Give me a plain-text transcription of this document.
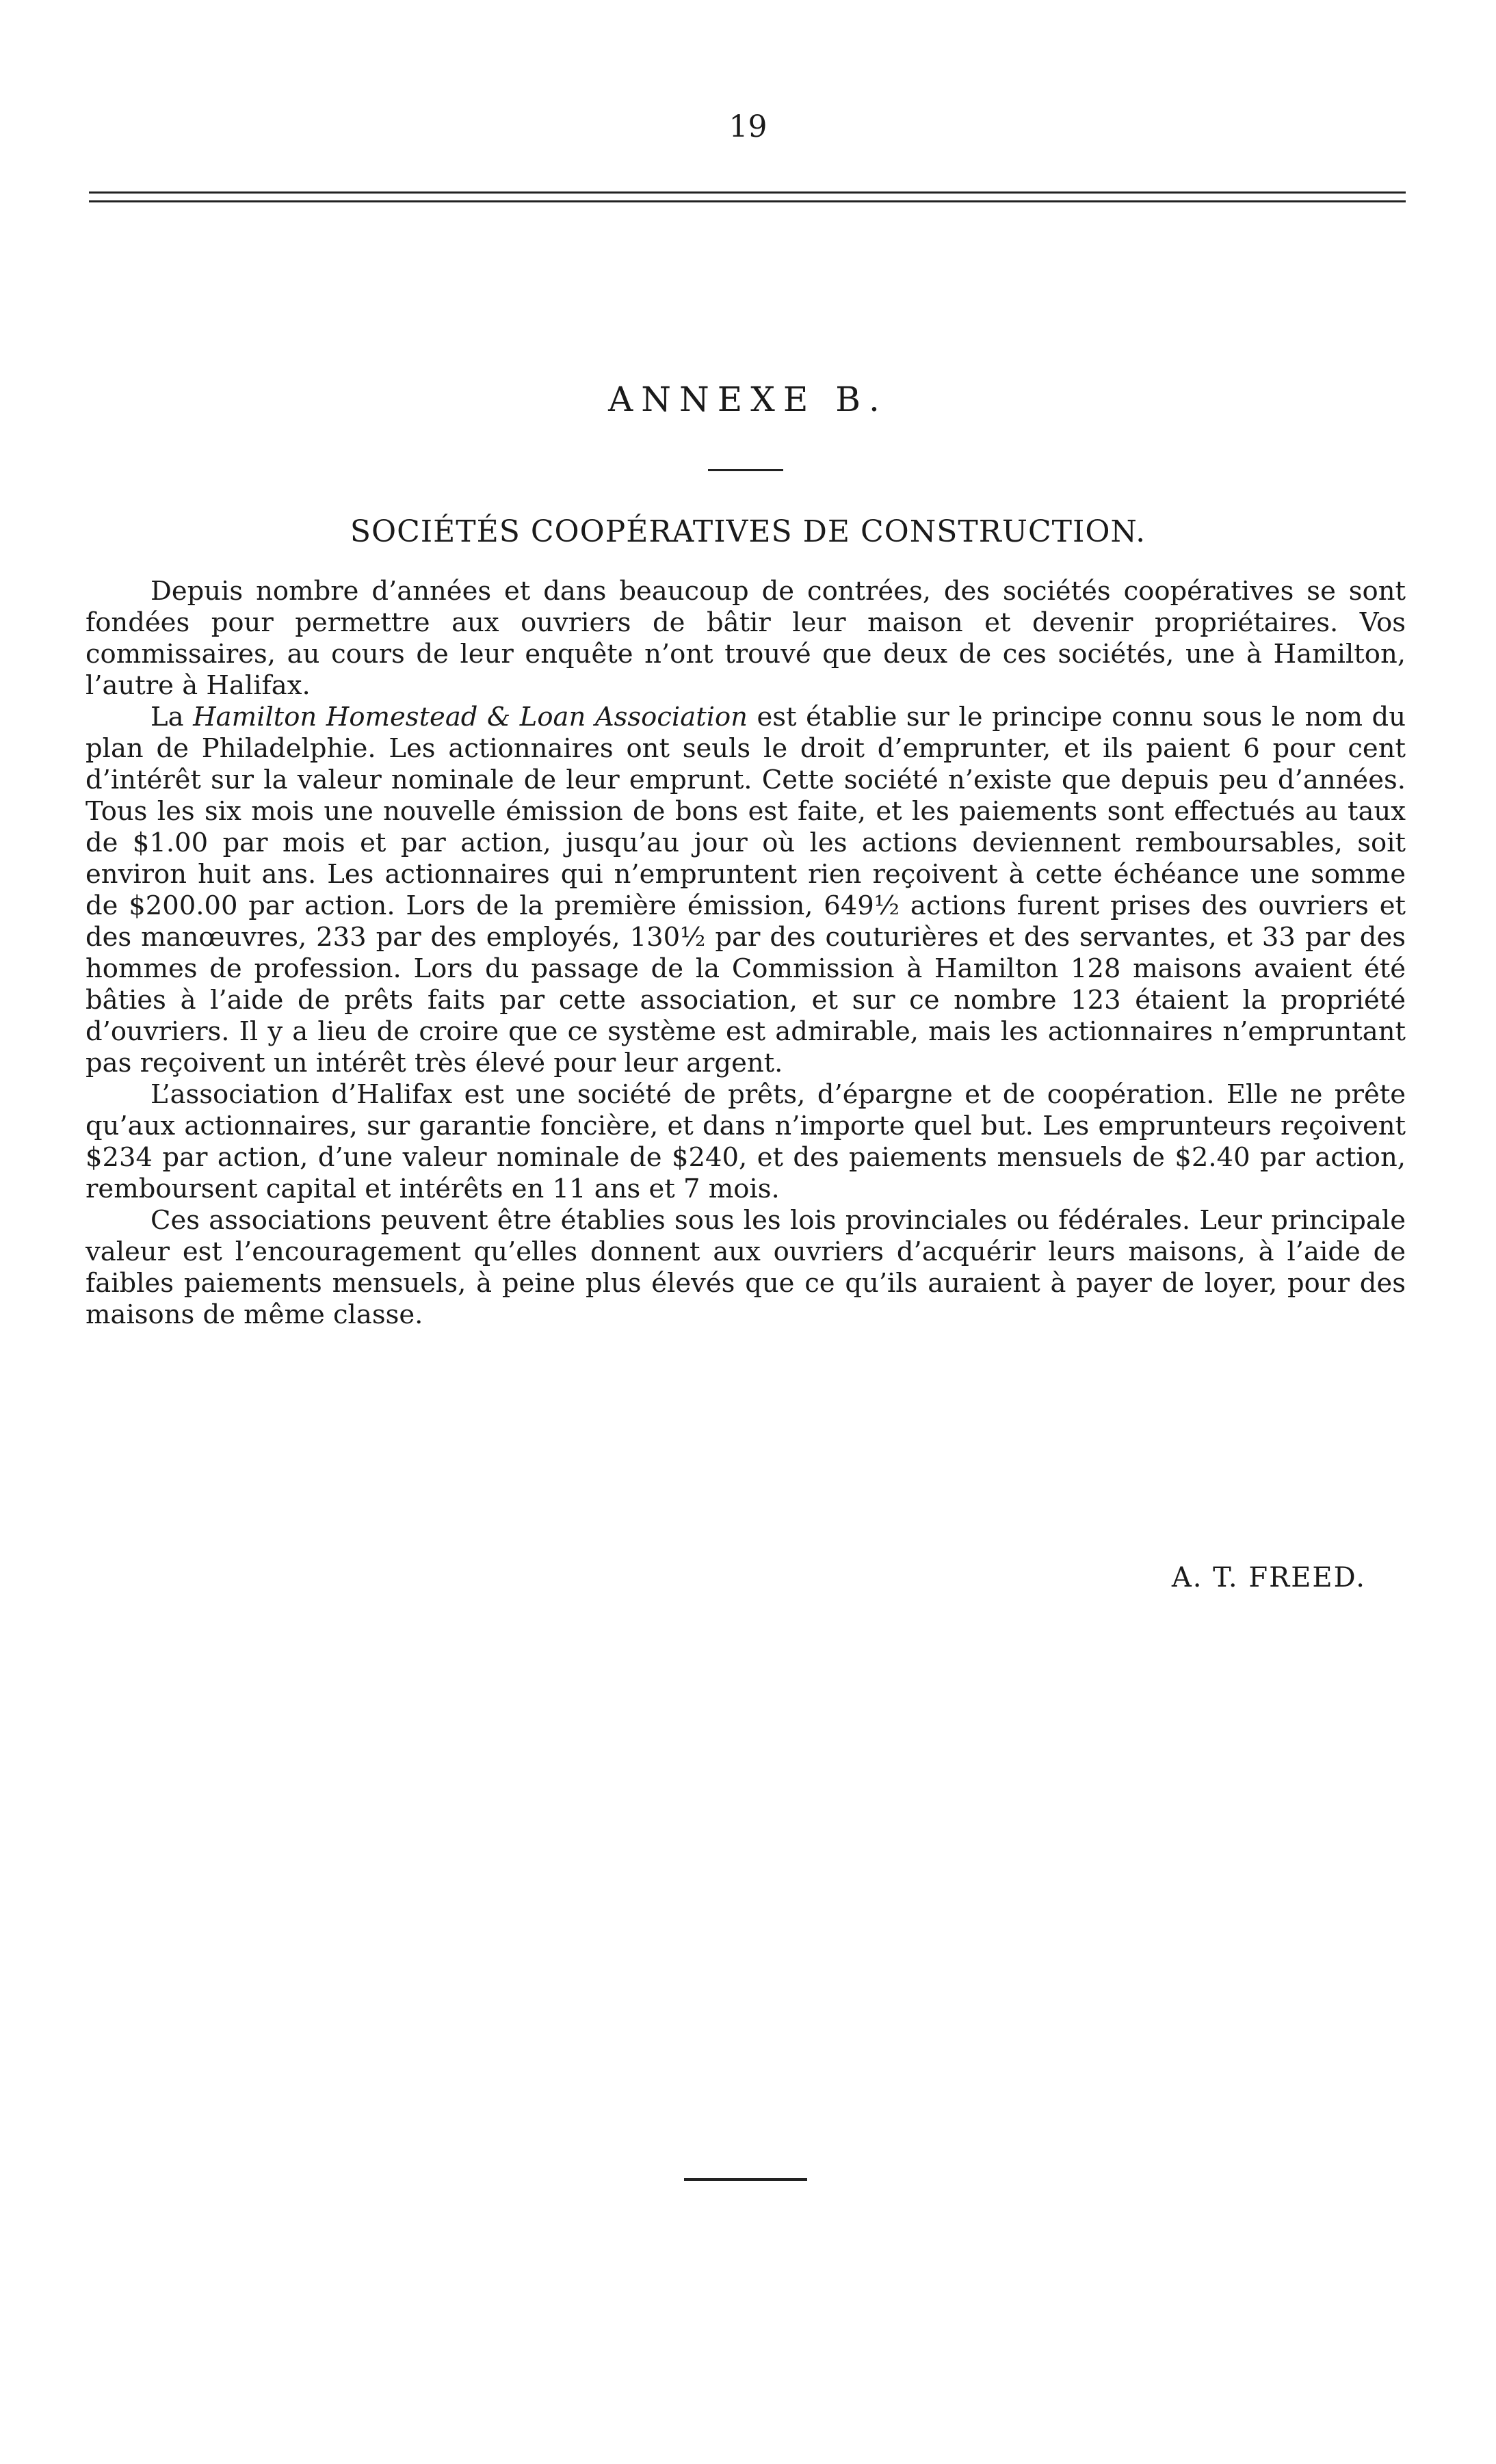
19
ANNEXE B.
SOCIÉTÉS COOPÉRATIVES DE CONSTRUCTION.

Depuis nombre d’années et dans beaucoup de contrées, des sociétés coopératives se sont fondées pour permettre aux ouvriers de bâtir leur maison et devenir propriétaires. Vos commissaires, au cours de leur enquête n’ont trouvé que deux de ces sociétés, une à Hamilton, l’autre à Halifax.

La Hamilton Homestead & Loan Association est établie sur le principe connu sous le nom du plan de Philadelphie. Les actionnaires ont seuls le droit d’emprunter, et ils paient 6 pour cent d’intérêt sur la valeur nominale de leur emprunt. Cette société n’existe que depuis peu d’années. Tous les six mois une nouvelle émission de bons est faite, et les paiements sont effectués au taux de $1.00 par mois et par action, jusqu’au jour où les actions deviennent remboursables, soit environ huit ans. Les actionnaires qui n’empruntent rien reçoivent à cette échéance une somme de $200.00 par action. Lors de la première émission, 649½ actions furent prises des ouvriers et des manœuvres, 233 par des employés, 130½ par des couturières et des servantes, et 33 par des hommes de profession. Lors du passage de la Commission à Hamilton 128 maisons avaient été bâties à l’aide de prêts faits par cette association, et sur ce nombre 123 étaient la propriété d’ouvriers. Il y a lieu de croire que ce système est admirable, mais les actionnaires n’empruntant pas reçoivent un intérêt très élevé pour leur argent.

L’association d’Halifax est une société de prêts, d’épargne et de coopération. Elle ne prête qu’aux actionnaires, sur garantie foncière, et dans n’importe quel but. Les emprunteurs reçoivent $234 par action, d’une valeur nominale de $240, et des paiements mensuels de $2.40 par action, remboursent capital et intérêts en 11 ans et 7 mois.

Ces associations peuvent être établies sous les lois provinciales ou fédérales. Leur principale valeur est l’encouragement qu’elles donnent aux ouvriers d’acquérir leurs maisons, à l’aide de faibles paiements mensuels, à peine plus élevés que ce qu’ils auraient à payer de loyer, pour des maisons de même classe.

A. T. FREED.
